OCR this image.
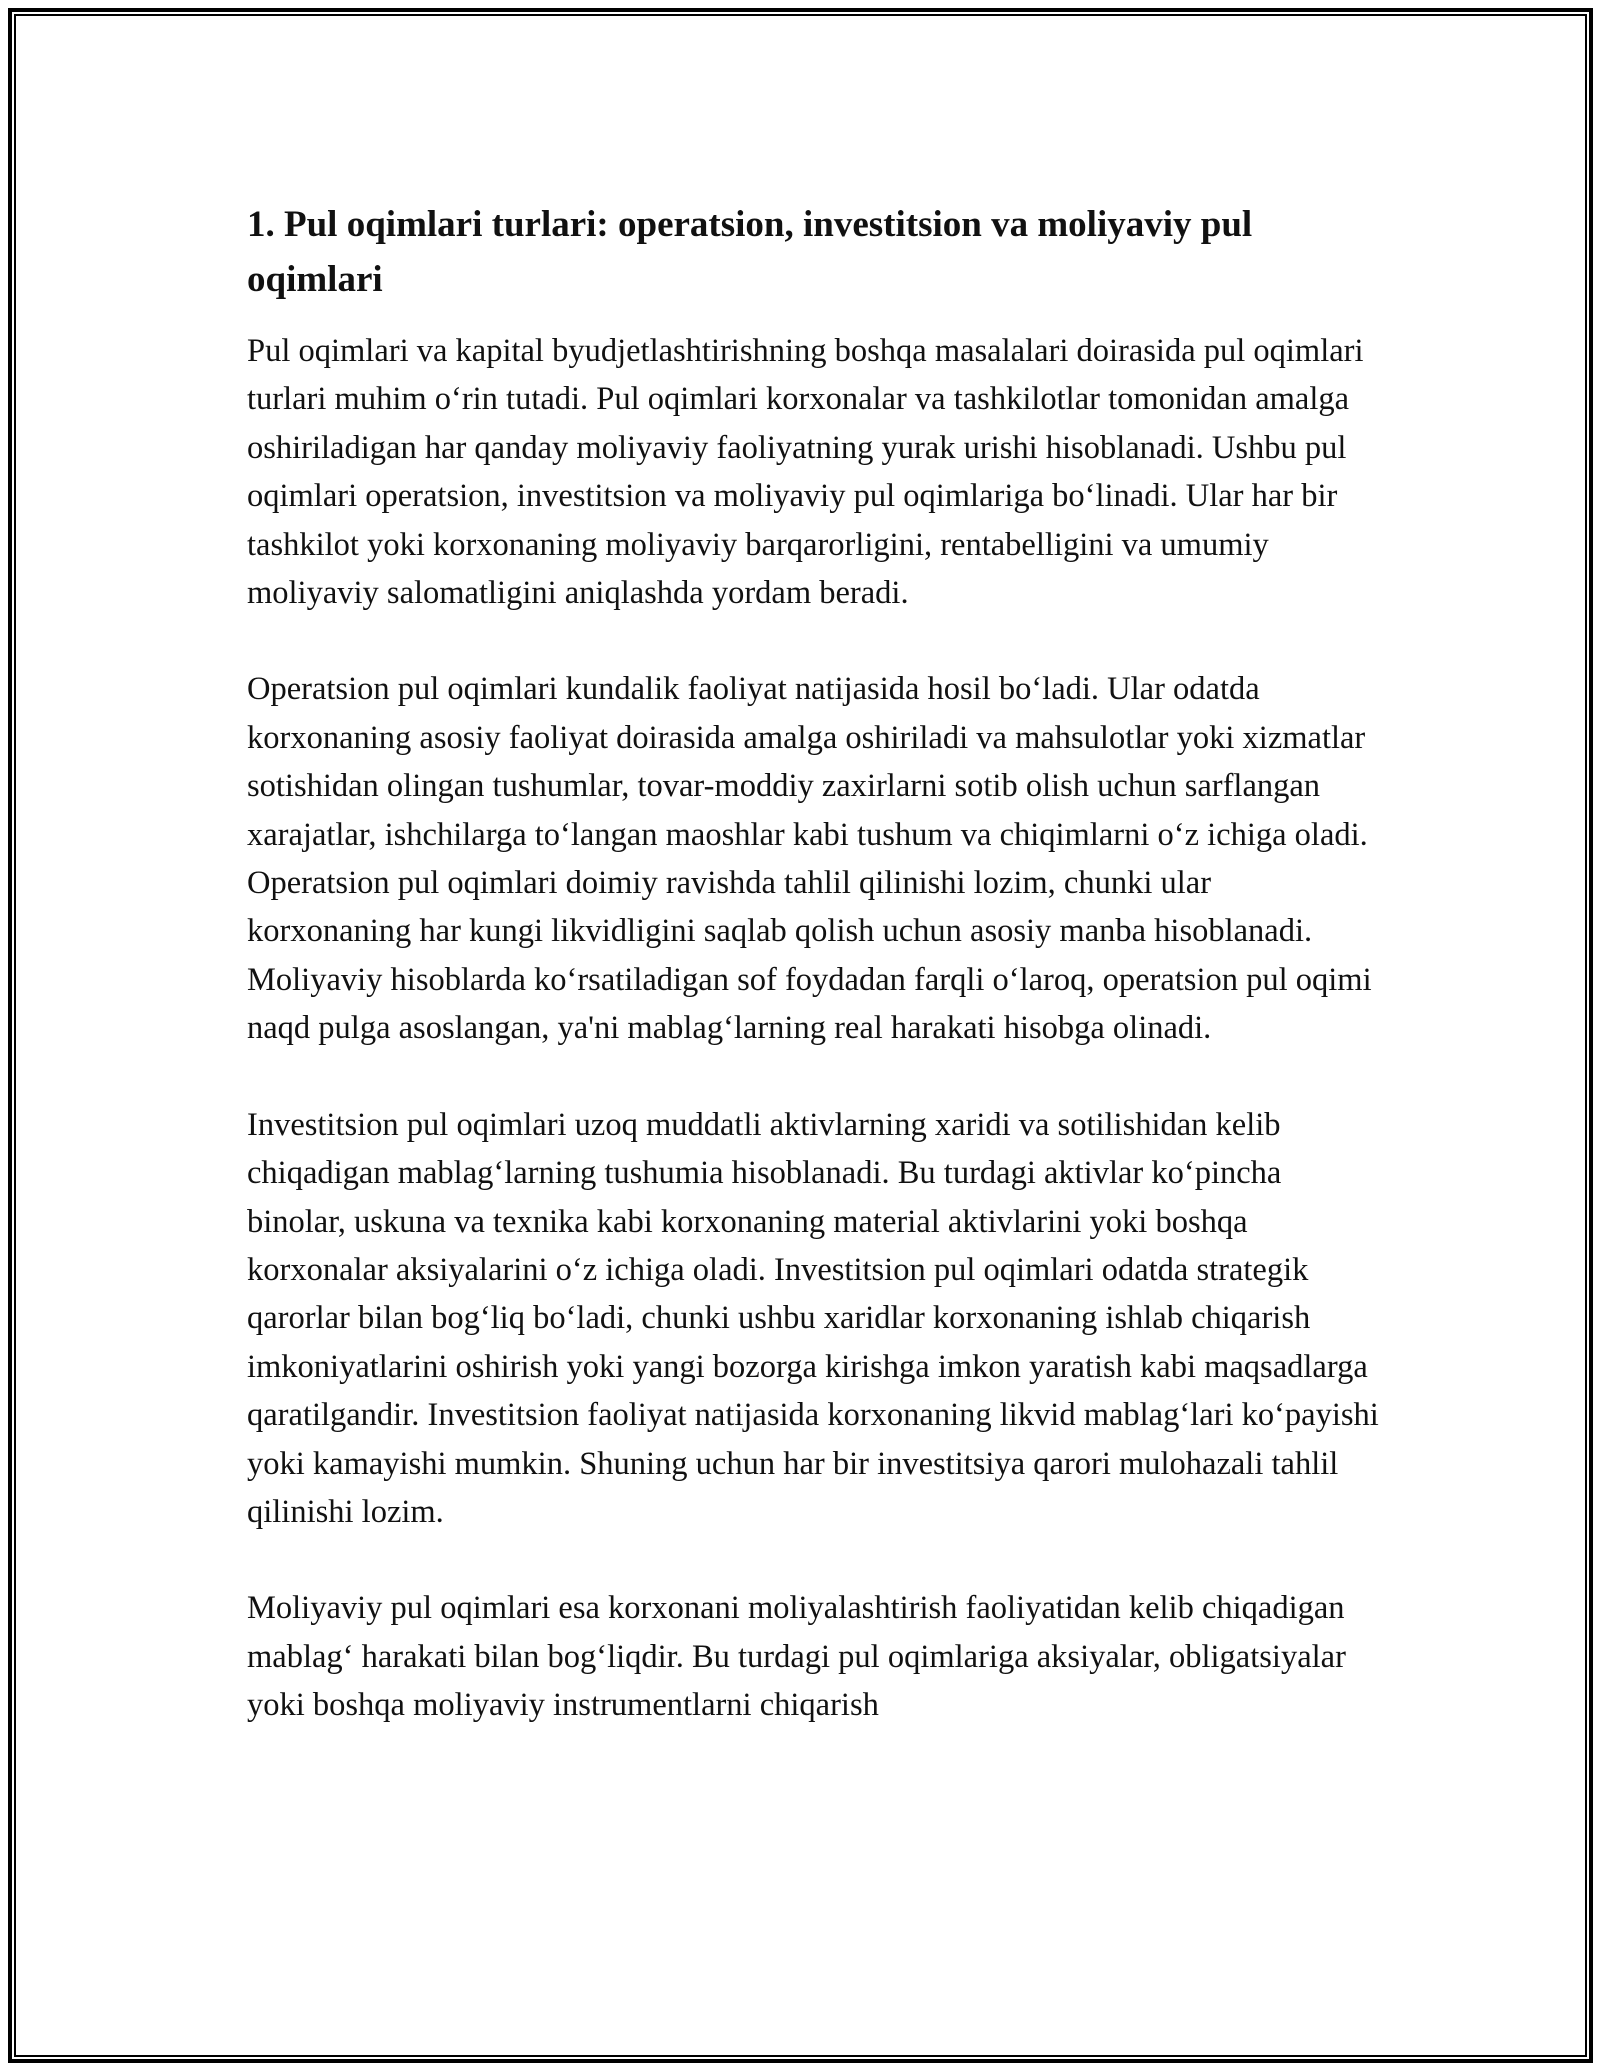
1. Pul oqimlari turlari: operatsion, investitsion va moliyaviy pul oqimlari

Pul oqimlari va kapital byudjetlashtirishning boshqa masalalari doirasida pul oqimlari turlari muhim o‘rin tutadi. Pul oqimlari korxonalar va tashkilotlar tomonidan amalga oshiriladigan har qanday moliyaviy faoliyatning yurak urishi hisoblanadi. Ushbu pul oqimlari operatsion, investitsion va moliyaviy pul oqimlariga bo‘linadi. Ular har bir tashkilot yoki korxonaning moliyaviy barqarorligini, rentabelligini va umumiy moliyaviy salomatligini aniqlashda yordam beradi.

Operatsion pul oqimlari kundalik faoliyat natijasida hosil bo‘ladi. Ular odatda korxonaning asosiy faoliyat doirasida amalga oshiriladi va mahsulotlar yoki xizmatlar sotishidan olingan tushumlar, tovar-moddiy zaxirlarni sotib olish uchun sarflangan xarajatlar, ishchilarga to‘langan maoshlar kabi tushum va chiqimlarni o‘z ichiga oladi. Operatsion pul oqimlari doimiy ravishda tahlil qilinishi lozim, chunki ular korxonaning har kungi likvidligini saqlab qolish uchun asosiy manba hisoblanadi. Moliyaviy hisoblarda ko‘rsatiladigan sof foydadan farqli o‘laroq, operatsion pul oqimi naqd pulga asoslangan, ya'ni mablag‘larning real harakati hisobga olinadi.

Investitsion pul oqimlari uzoq muddatli aktivlarning xaridi va sotilishidan kelib chiqadigan mablag‘larning tushumia hisoblanadi. Bu turdagi aktivlar ko‘pincha binolar, uskuna va texnika kabi korxonaning material aktivlarini yoki boshqa korxonalar aksiyalarini o‘z ichiga oladi. Investitsion pul oqimlari odatda strategik qarorlar bilan bog‘liq bo‘ladi, chunki ushbu xaridlar korxonaning ishlab chiqarish imkoniyatlarini oshirish yoki yangi bozorga kirishga imkon yaratish kabi maqsadlarga qaratilgandir. Investitsion faoliyat natijasida korxonaning likvid mablag‘lari ko‘payishi yoki kamayishi mumkin. Shuning uchun har bir investitsiya qarori mulohazali tahlil qilinishi lozim.

Moliyaviy pul oqimlari esa korxonani moliyalashtirish faoliyatidan kelib chiqadigan mablag‘ harakati bilan bog‘liqdir. Bu turdagi pul oqimlariga aksiyalar, obligatsiyalar yoki boshqa moliyaviy instrumentlarni chiqarish
